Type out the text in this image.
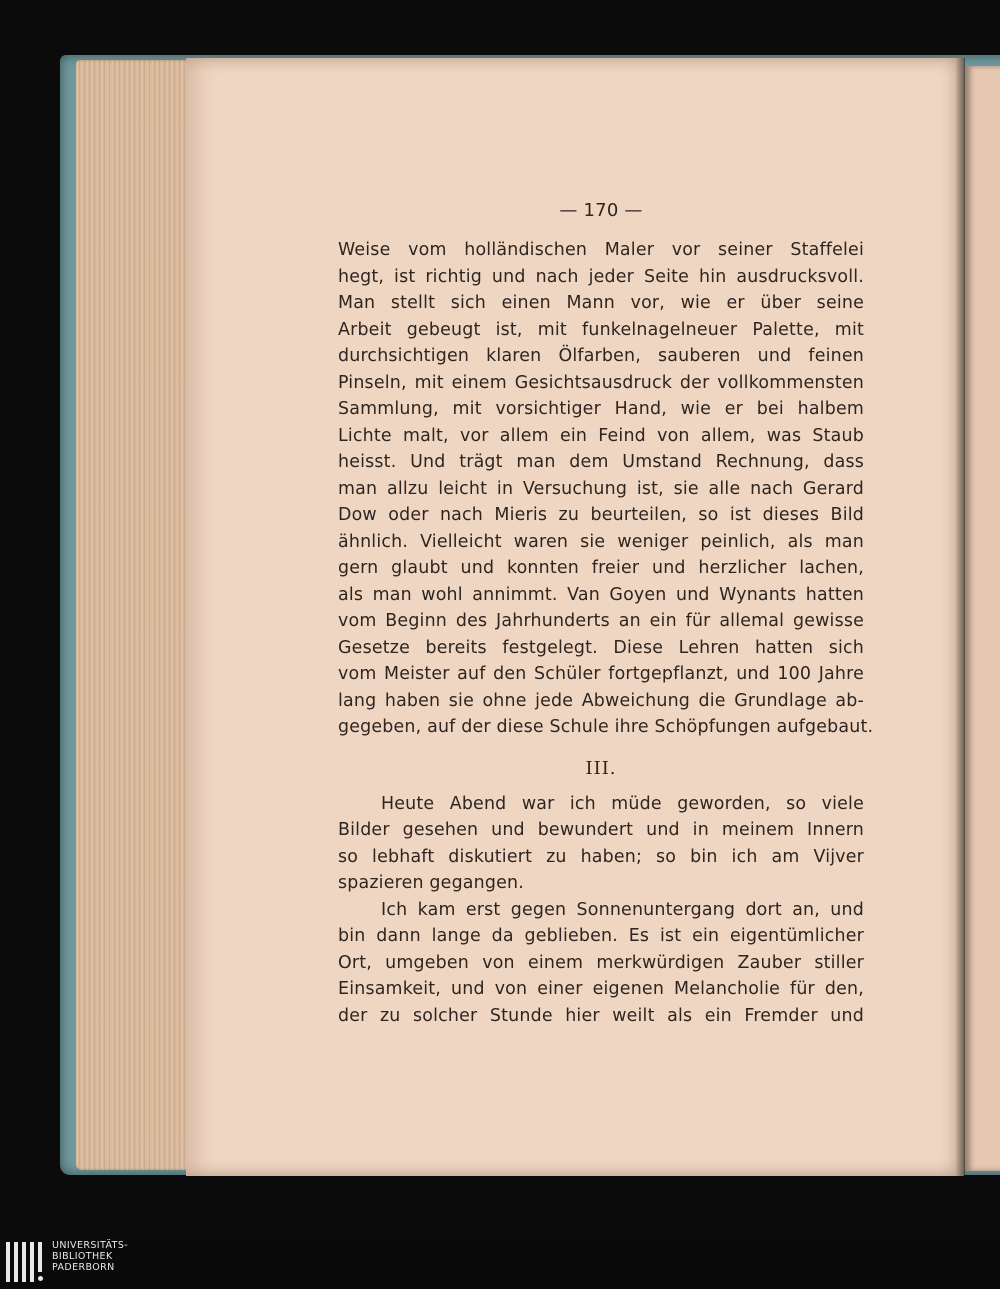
— 170 —
Weise vom holländischen Maler vor seiner Staffelei
hegt, ist richtig und nach jeder Seite hin ausdrucksvoll.
Man stellt sich einen Mann vor, wie er über seine
Arbeit gebeugt ist, mit funkelnagelneuer Palette, mit
durchsichtigen klaren Ölfarben, sauberen und feinen
Pinseln, mit einem Gesichtsausdruck der vollkommensten
Sammlung, mit vorsichtiger Hand, wie er bei halbem
Lichte malt, vor allem ein Feind von allem, was Staub
heisst. Und trägt man dem Umstand Rechnung, dass
man allzu leicht in Versuchung ist, sie alle nach Gerard
Dow oder nach Mieris zu beurteilen, so ist dieses Bild
ähnlich. Vielleicht waren sie weniger peinlich, als man
gern glaubt und konnten freier und herzlicher lachen,
als man wohl annimmt. Van Goyen und Wynants hatten
vom Beginn des Jahrhunderts an ein für allemal gewisse
Gesetze bereits festgelegt. Diese Lehren hatten sich
vom Meister auf den Schüler fortgepflanzt, und 100 Jahre
lang haben sie ohne jede Abweichung die Grundlage ab-
gegeben, auf der diese Schule ihre Schöpfungen aufgebaut.
III.
Heute Abend war ich müde geworden, so viele
Bilder gesehen und bewundert und in meinem Innern
so lebhaft diskutiert zu haben; so bin ich am Vijver
spazieren gegangen.
Ich kam erst gegen Sonnenuntergang dort an, und
bin dann lange da geblieben. Es ist ein eigentümlicher
Ort, umgeben von einem merkwürdigen Zauber stiller
Einsamkeit, und von einer eigenen Melancholie für den,
der zu solcher Stunde hier weilt als ein Fremder und
UNIVERSITÄTS-
BIBLIOTHEK
PADERBORN
